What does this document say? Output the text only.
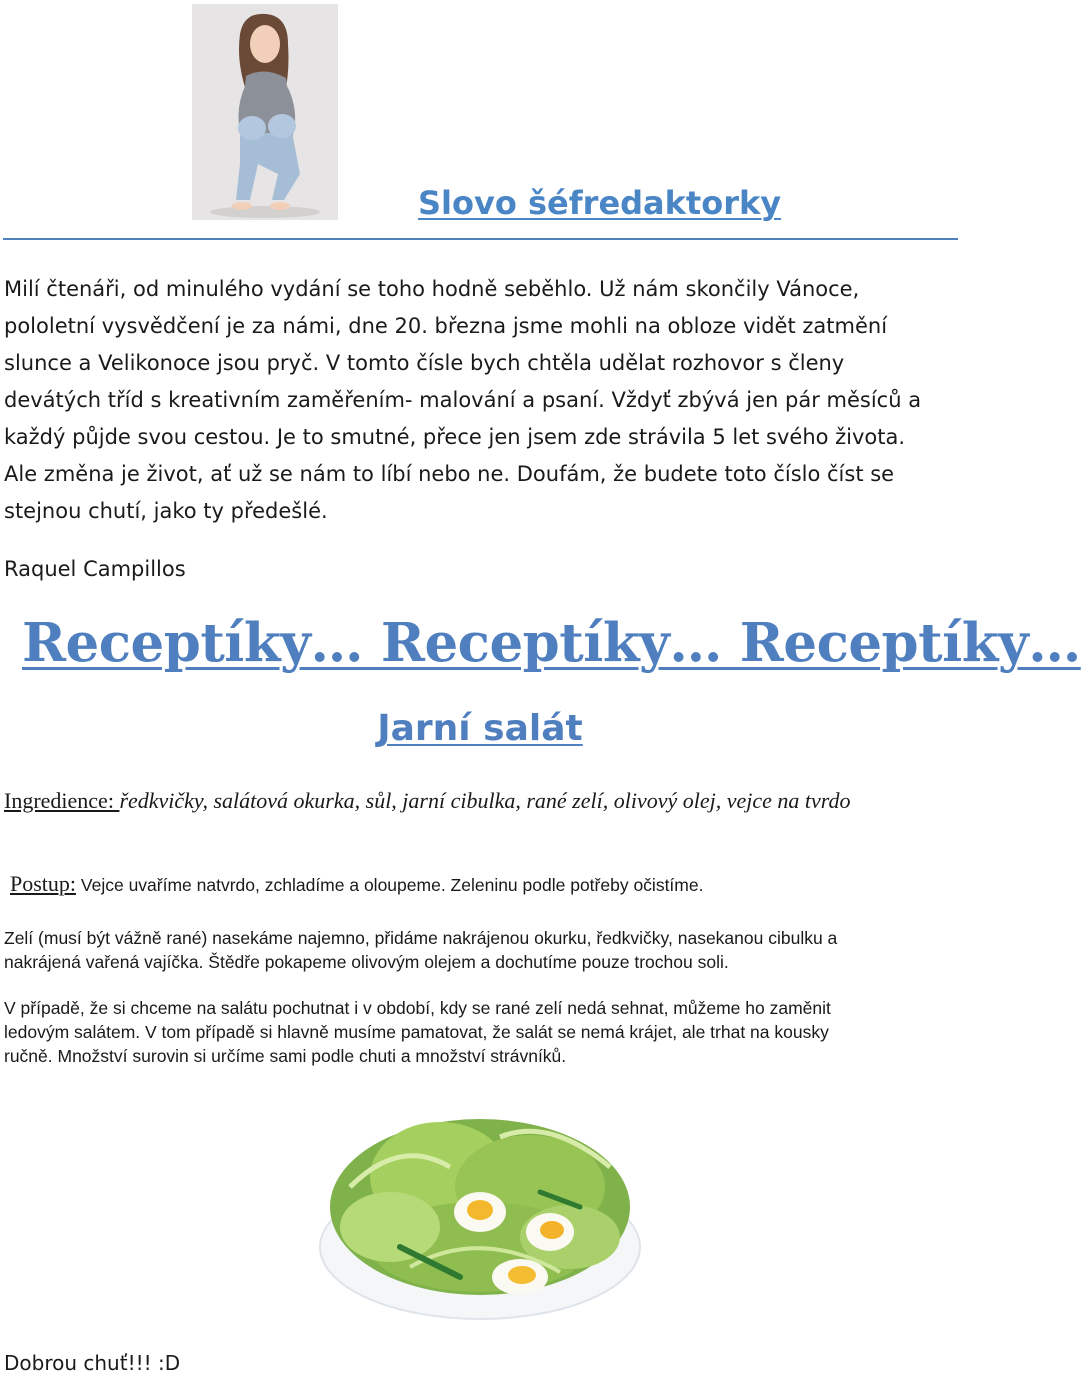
Slovo šéfredaktorky
Milí čtenáři, od minulého vydání se toho hodně seběhlo. Už nám skončily Vánoce,
pololetní vysvědčení je za námi, dne 20. března jsme mohli na obloze vidět zatmění
slunce a Velikonoce jsou pryč. V tomto čísle bych chtěla udělat rozhovor s členy
devátých tříd s kreativním zaměřením- malování a psaní. Vždyť zbývá jen pár měsíců a
každý půjde svou cestou. Je to smutné, přece jen jsem zde strávila 5 let svého života.
Ale změna je život, ať už se nám to líbí nebo ne. Doufám, že budete toto číslo číst se
stejnou chutí, jako ty předešlé.
Raquel Campillos
Receptíky… Receptíky… Receptíky…
Jarní salát

Ingredience: ředkvičky, salátová okurka, sůl, jarní cibulka, rané zelí, olivový olej, vejce na tvrdo

Postup: Vejce uvaříme natvrdo, zchladíme a oloupeme. Zeleninu podle potřeby očistíme.

Zelí (musí být vážně rané) nasekáme najemno, přidáme nakrájenou okurku, ředkvičky, nasekanou cibulku a
nakrájená vařená vajíčka. Štědře pokapeme olivovým olejem a dochutíme pouze trochou soli.

V případě, že si chceme na salátu pochutnat i v období, kdy se rané zelí nedá sehnat, můžeme ho zaměnit
ledovým salátem. V tom případě si hlavně musíme pamatovat, že salát se nemá krájet, ale trhat na kousky
ručně. Množství surovin si určíme sami podle chuti a množství strávníků.

Dobrou chuť!!! :D
